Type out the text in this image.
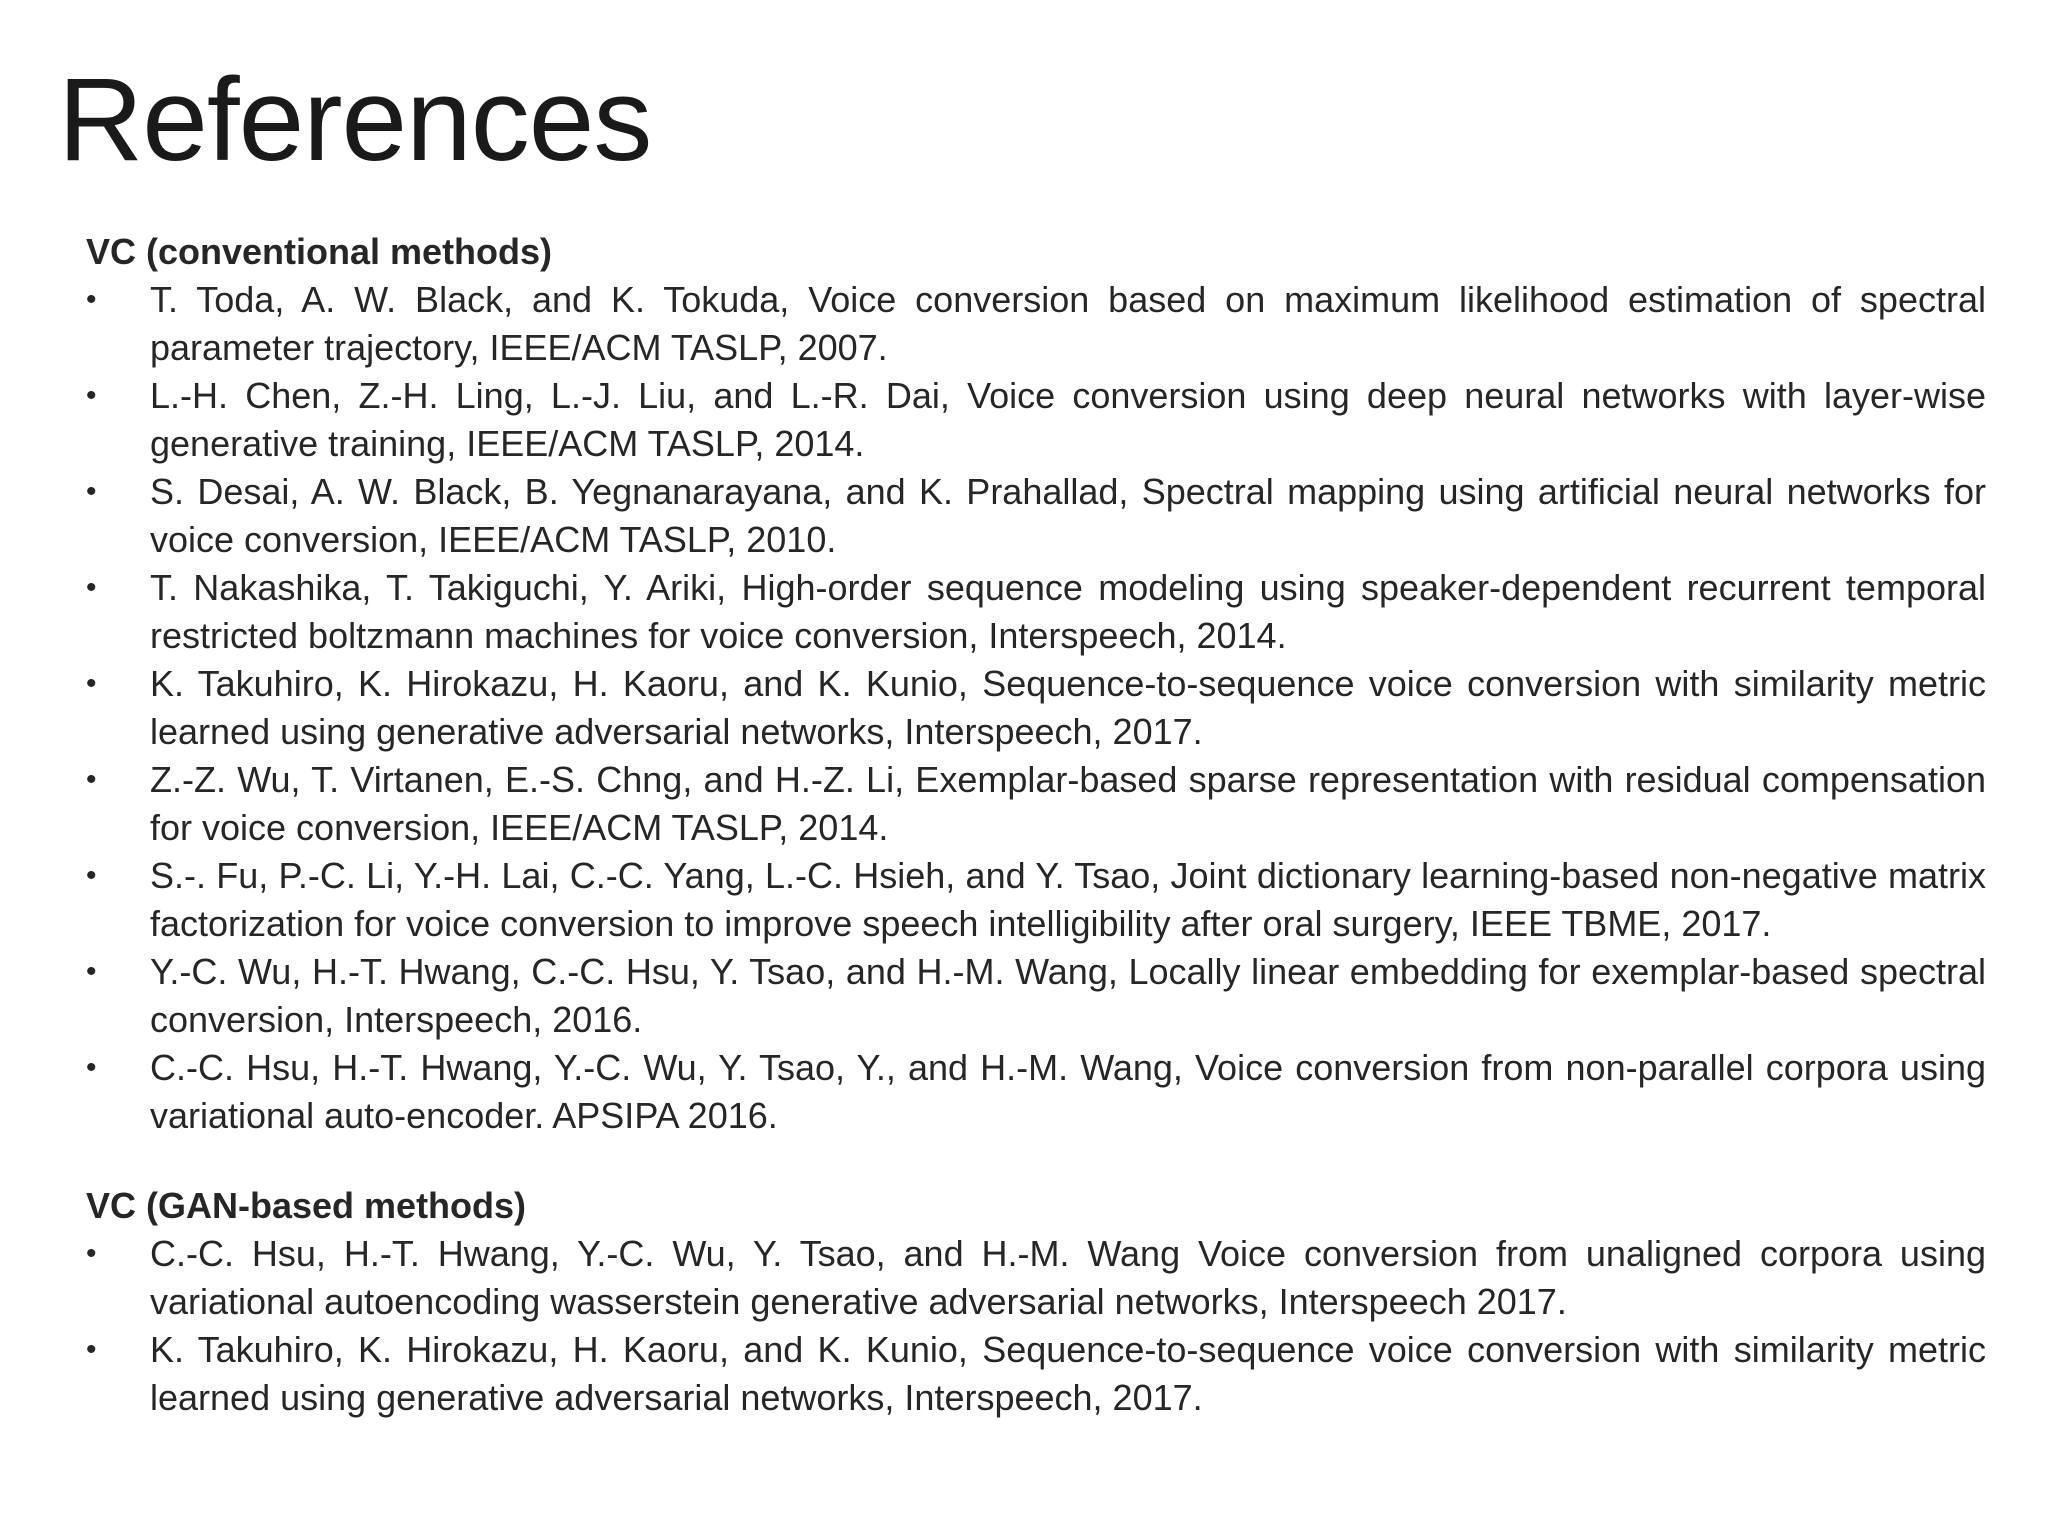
References

VC (conventional methods)

•	T. Toda, A. W. Black, and K. Tokuda, Voice conversion based on maximum likelihood estimation of spectral parameter trajectory, IEEE/ACM TASLP, 2007.
•	L.-H. Chen, Z.-H. Ling, L.-J. Liu, and L.-R. Dai, Voice conversion using deep neural networks with layer-wise generative training, IEEE/ACM TASLP, 2014.
•	S. Desai, A. W. Black, B. Yegnanarayana, and K. Prahallad, Spectral mapping using artificial neural networks for voice conversion, IEEE/ACM TASLP, 2010.
•	T. Nakashika, T. Takiguchi, Y. Ariki, High-order sequence modeling using speaker-dependent recurrent temporal restricted boltzmann machines for voice conversion, Interspeech, 2014.
•	K. Takuhiro, K. Hirokazu, H. Kaoru, and K. Kunio, Sequence-to-sequence voice conversion with similarity metric learned using generative adversarial networks, Interspeech, 2017.
•	Z.-Z. Wu, T. Virtanen, E.-S. Chng, and H.-Z. Li, Exemplar-based sparse representation with residual compensation for voice conversion, IEEE/ACM TASLP, 2014.
•	S.-. Fu, P.-C. Li, Y.-H. Lai, C.-C. Yang, L.-C. Hsieh, and Y. Tsao, Joint dictionary learning-based non-negative matrix factorization for voice conversion to improve speech intelligibility after oral surgery, IEEE TBME, 2017.
•	Y.-C. Wu, H.-T. Hwang, C.-C. Hsu, Y. Tsao, and H.-M. Wang, Locally linear embedding for exemplar-based spectral conversion, Interspeech, 2016.
•	C.-C. Hsu, H.-T. Hwang, Y.-C. Wu, Y. Tsao, Y., and H.-M. Wang, Voice conversion from non-parallel corpora using variational auto-encoder. APSIPA 2016.

VC (GAN-based methods)

•	C.-C. Hsu, H.-T. Hwang, Y.-C. Wu, Y. Tsao, and H.-M. Wang Voice conversion from unaligned corpora using variational autoencoding wasserstein generative adversarial networks, Interspeech 2017.
•	K. Takuhiro, K. Hirokazu, H. Kaoru, and K. Kunio, Sequence-to-sequence voice conversion with similarity metric learned using generative adversarial networks, Interspeech, 2017.
